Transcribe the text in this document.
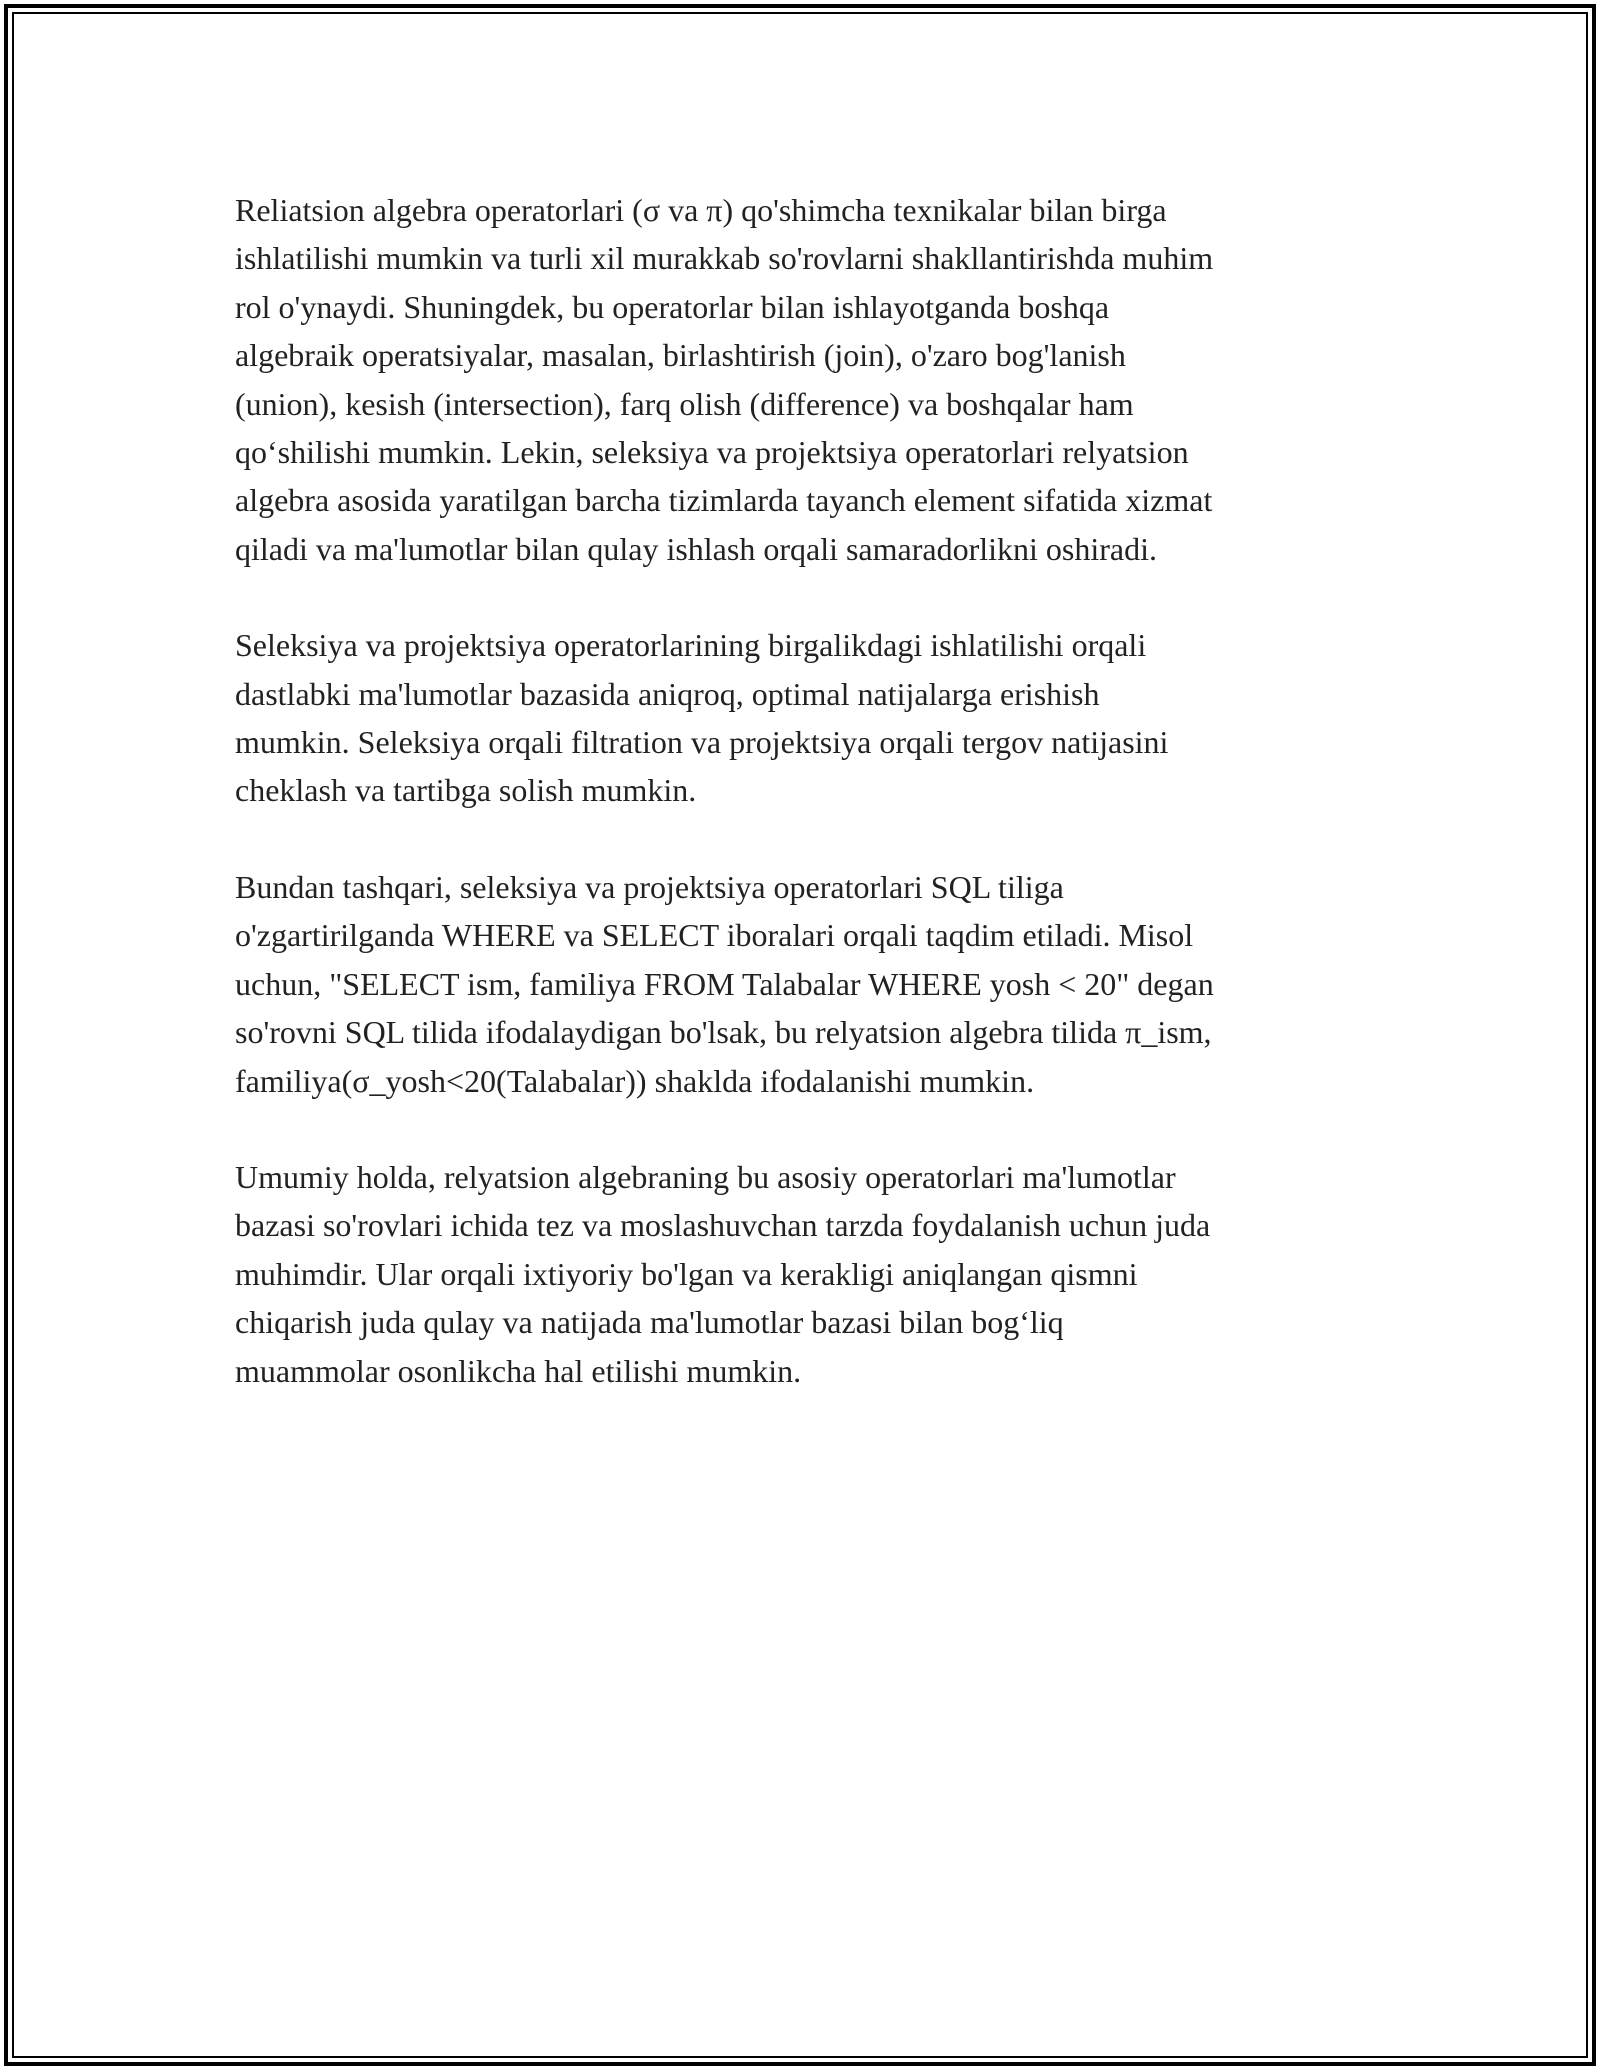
Reliatsion algebra operatorlari (σ va π) qo'shimcha texnikalar bilan birga
ishlatilishi mumkin va turli xil murakkab so'rovlarni shakllantirishda muhim
rol o'ynaydi. Shuningdek, bu operatorlar bilan ishlayotganda boshqa
algebraik operatsiyalar, masalan, birlashtirish (join), o'zaro bog'lanish
(union), kesish (intersection), farq olish (difference) va boshqalar ham
qo‘shilishi mumkin. Lekin, seleksiya va projektsiya operatorlari relyatsion
algebra asosida yaratilgan barcha tizimlarda tayanch element sifatida xizmat
qiladi va ma'lumotlar bilan qulay ishlash orqali samaradorlikni oshiradi.

Seleksiya va projektsiya operatorlarining birgalikdagi ishlatilishi orqali
dastlabki ma'lumotlar bazasida aniqroq, optimal natijalarga erishish
mumkin. Seleksiya orqali filtration va projektsiya orqali tergov natijasini
cheklash va tartibga solish mumkin.

Bundan tashqari, seleksiya va projektsiya operatorlari SQL tiliga
o'zgartirilganda WHERE va SELECT iboralari orqali taqdim etiladi. Misol
uchun, "SELECT ism, familiya FROM Talabalar WHERE yosh < 20" degan
so'rovni SQL tilida ifodalaydigan bo'lsak, bu relyatsion algebra tilida π_ism,
familiya(σ_yosh<20(Talabalar)) shaklda ifodalanishi mumkin.

Umumiy holda, relyatsion algebraning bu asosiy operatorlari ma'lumotlar
bazasi so'rovlari ichida tez va moslashuvchan tarzda foydalanish uchun juda
muhimdir. Ular orqali ixtiyoriy bo'lgan va kerakligi aniqlangan qismni
chiqarish juda qulay va natijada ma'lumotlar bazasi bilan bog‘liq
muammolar osonlikcha hal etilishi mumkin.
